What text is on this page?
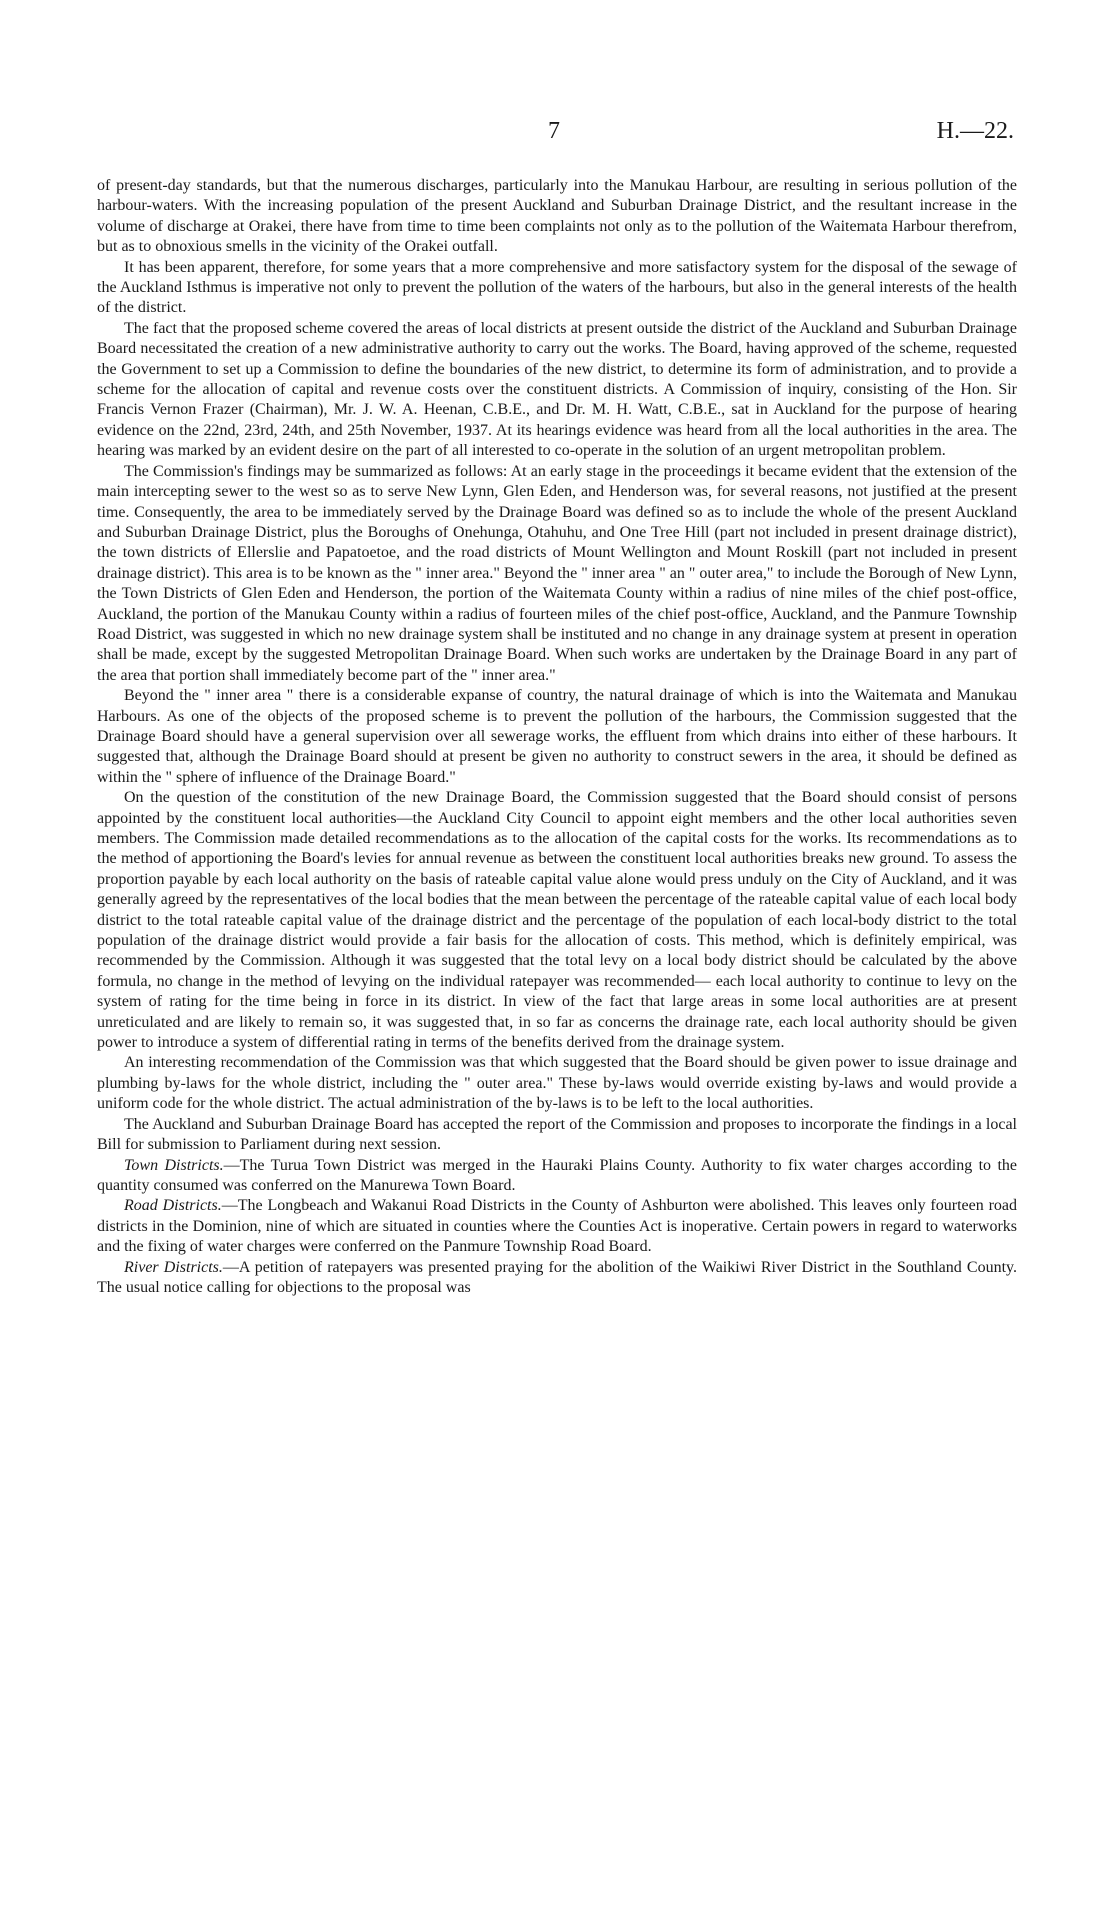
7	H.—22.

of present-day standards, but that the numerous discharges, particularly into the Manukau Harbour, are resulting in serious pollution of the harbour-waters. With the increasing population of the present Auckland and Suburban Drainage District, and the resultant increase in the volume of discharge at Orakei, there have from time to time been complaints not only as to the pollution of the Waitemata Harbour therefrom, but as to obnoxious smells in the vicinity of the Orakei outfall.

It has been apparent, therefore, for some years that a more comprehensive and more satisfactory system for the disposal of the sewage of the Auckland Isthmus is imperative not only to prevent the pollution of the waters of the harbours, but also in the general interests of the health of the district.

The fact that the proposed scheme covered the areas of local districts at present outside the district of the Auckland and Suburban Drainage Board necessitated the creation of a new administrative authority to carry out the works. The Board, having approved of the scheme, requested the Government to set up a Commission to define the boundaries of the new district, to determine its form of administration, and to provide a scheme for the allocation of capital and revenue costs over the constituent districts. A Commission of inquiry, consisting of the Hon. Sir Francis Vernon Frazer (Chairman), Mr. J. W. A. Heenan, C.B.E., and Dr. M. H. Watt, C.B.E., sat in Auckland for the purpose of hearing evidence on the 22nd, 23rd, 24th, and 25th November, 1937. At its hearings evidence was heard from all the local authorities in the area. The hearing was marked by an evident desire on the part of all interested to co-operate in the solution of an urgent metropolitan problem.

The Commission's findings may be summarized as follows: At an early stage in the proceedings it became evident that the extension of the main intercepting sewer to the west so as to serve New Lynn, Glen Eden, and Henderson was, for several reasons, not justified at the present time. Consequently, the area to be immediately served by the Drainage Board was defined so as to include the whole of the present Auckland and Suburban Drainage District, plus the Boroughs of Onehunga, Otahuhu, and One Tree Hill (part not included in present drainage district), the town districts of Ellerslie and Papatoetoe, and the road districts of Mount Wellington and Mount Roskill (part not included in present drainage district). This area is to be known as the " inner area." Beyond the " inner area " an " outer area," to include the Borough of New Lynn, the Town Districts of Glen Eden and Henderson, the portion of the Waitemata County within a radius of nine miles of the chief post-office, Auckland, the portion of the Manukau County within a radius of fourteen miles of the chief post-office, Auckland, and the Panmure Township Road District, was suggested in which no new drainage system shall be instituted and no change in any drainage system at present in operation shall be made, except by the suggested Metropolitan Drainage Board. When such works are undertaken by the Drainage Board in any part of the area that portion shall immediately become part of the " inner area."

Beyond the " inner area " there is a considerable expanse of country, the natural drainage of which is into the Waitemata and Manukau Harbours. As one of the objects of the proposed scheme is to prevent the pollution of the harbours, the Commission suggested that the Drainage Board should have a general supervision over all sewerage works, the effluent from which drains into either of these harbours. It suggested that, although the Drainage Board should at present be given no authority to construct sewers in the area, it should be defined as within the " sphere of influence of the Drainage Board."

On the question of the constitution of the new Drainage Board, the Commission suggested that the Board should consist of persons appointed by the constituent local authorities—the Auckland City Council to appoint eight members and the other local authorities seven members. The Commission made detailed recommendations as to the allocation of the capital costs for the works. Its recommendations as to the method of apportioning the Board's levies for annual revenue as between the constituent local authorities breaks new ground. To assess the proportion payable by each local authority on the basis of rateable capital value alone would press unduly on the City of Auckland, and it was generally agreed by the representatives of the local bodies that the mean between the percentage of the rateable capital value of each local body district to the total rateable capital value of the drainage district and the percentage of the population of each local-body district to the total population of the drainage district would provide a fair basis for the allocation of costs. This method, which is definitely empirical, was recommended by the Commission. Although it was suggested that the total levy on a local body district should be calculated by the above formula, no change in the method of levying on the individual ratepayer was recommended— each local authority to continue to levy on the system of rating for the time being in force in its district. In view of the fact that large areas in some local authorities are at present unreticulated and are likely to remain so, it was suggested that, in so far as concerns the drainage rate, each local authority should be given power to introduce a system of differential rating in terms of the benefits derived from the drainage system.

An interesting recommendation of the Commission was that which suggested that the Board should be given power to issue drainage and plumbing by-laws for the whole district, including the " outer area." These by-laws would override existing by-laws and would provide a uniform code for the whole district. The actual administration of the by-laws is to be left to the local authorities.

The Auckland and Suburban Drainage Board has accepted the report of the Commission and proposes to incorporate the findings in a local Bill for submission to Parliament during next session.

Town Districts.—The Turua Town District was merged in the Hauraki Plains County. Authority to fix water charges according to the quantity consumed was conferred on the Manurewa Town Board.

Road Districts.—The Longbeach and Wakanui Road Districts in the County of Ashburton were abolished. This leaves only fourteen road districts in the Dominion, nine of which are situated in counties where the Counties Act is inoperative. Certain powers in regard to waterworks and the fixing of water charges were conferred on the Panmure Township Road Board.

River Districts.—A petition of ratepayers was presented praying for the abolition of the Waikiwi River District in the Southland County. The usual notice calling for objections to the proposal was
